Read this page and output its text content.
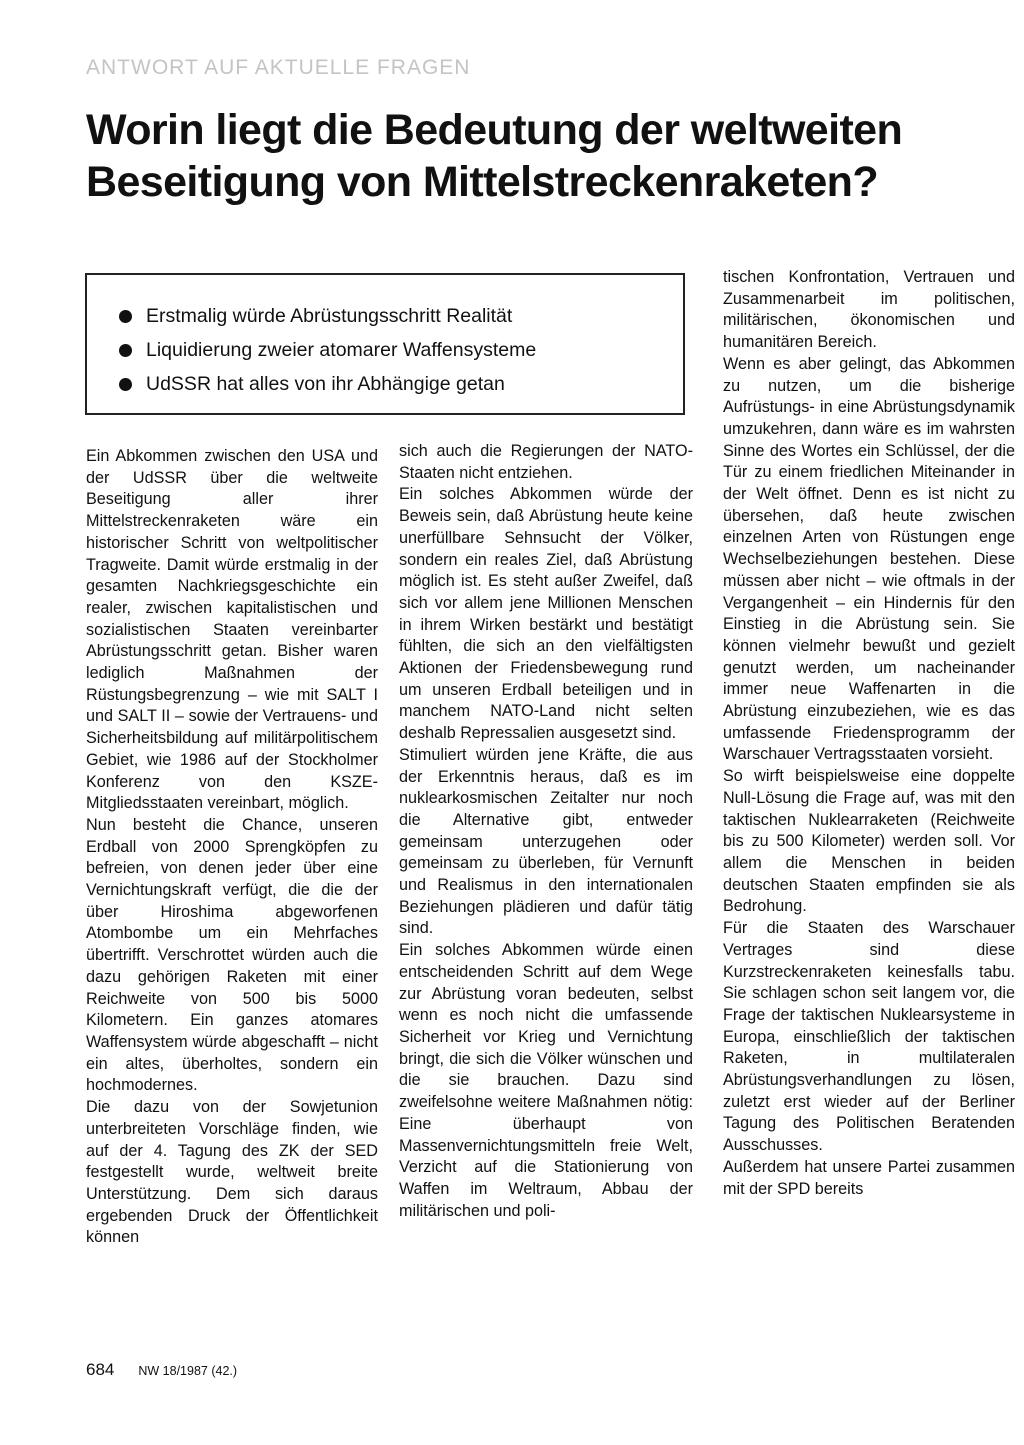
ANTWORT AUF AKTUELLE FRAGEN
Worin liegt die Bedeutung der weltweiten
Beseitigung von Mittelstreckenraketen?
Erstmalig würde Abrüstungsschritt Realität
Liquidierung zweier atomarer Waffensysteme
UdSSR hat alles von ihr Abhängige getan

Ein Abkommen zwischen den USA und der UdSSR über die weltweite Beseitigung aller ihrer Mittelstreckenraketen wäre ein historischer Schritt von weltpolitischer Tragweite. Damit würde erstmalig in der gesamten Nachkriegsgeschichte ein realer, zwischen kapitalistischen und sozialistischen Staaten vereinbarter Abrüstungsschritt getan. Bisher waren lediglich Maßnahmen der Rüstungsbegrenzung – wie mit SALT I und SALT II – sowie der Vertrauens- und Sicherheitsbildung auf militärpolitischem Gebiet, wie 1986 auf der Stockholmer Konferenz von den KSZE-Mitgliedsstaaten vereinbart, möglich.

Nun besteht die Chance, unseren Erdball von 2000 Sprengköpfen zu befreien, von denen jeder über eine Vernichtungskraft verfügt, die die der über Hiroshima abgeworfenen Atombombe um ein Mehrfaches übertrifft. Verschrottet würden auch die dazu gehörigen Raketen mit einer Reichweite von 500 bis 5000 Kilometern. Ein ganzes atomares Waffensystem würde abgeschafft – nicht ein altes, überholtes, sondern ein hochmodernes.

Die dazu von der Sowjetunion unterbreiteten Vorschläge finden, wie auf der 4. Tagung des ZK der SED festgestellt wurde, weltweit breite Unterstützung. Dem sich daraus ergebenden Druck der Öffentlichkeit können

sich auch die Regierungen der NATO-Staaten nicht entziehen.

Ein solches Abkommen würde der Beweis sein, daß Abrüstung heute keine unerfüllbare Sehnsucht der Völker, sondern ein reales Ziel, daß Abrüstung möglich ist. Es steht außer Zweifel, daß sich vor allem jene Millionen Menschen in ihrem Wirken bestärkt und bestätigt fühlten, die sich an den vielfältigsten Aktionen der Friedensbewegung rund um unseren Erdball beteiligen und in manchem NATO-Land nicht selten deshalb Repressalien ausgesetzt sind.

Stimuliert würden jene Kräfte, die aus der Erkenntnis heraus, daß es im nuklearkosmischen Zeitalter nur noch die Alternative gibt, entweder gemeinsam unterzugehen oder gemeinsam zu überleben, für Vernunft und Realismus in den internationalen Beziehungen plädieren und dafür tätig sind.

Ein solches Abkommen würde einen entscheidenden Schritt auf dem Wege zur Abrüstung voran bedeuten, selbst wenn es noch nicht die umfassende Sicherheit vor Krieg und Vernichtung bringt, die sich die Völker wünschen und die sie brauchen. Dazu sind zweifelsohne weitere Maßnahmen nötig: Eine überhaupt von Massenvernichtungsmitteln freie Welt, Verzicht auf die Stationierung von Waffen im Weltraum, Abbau der militärischen und poli-

tischen Konfrontation, Vertrauen und Zusammenarbeit im politischen, militärischen, ökonomischen und humanitären Bereich.

Wenn es aber gelingt, das Abkommen zu nutzen, um die bisherige Aufrüstungs- in eine Abrüstungsdynamik umzukehren, dann wäre es im wahrsten Sinne des Wortes ein Schlüssel, der die Tür zu einem friedlichen Miteinander in der Welt öffnet. Denn es ist nicht zu übersehen, daß heute zwischen einzelnen Arten von Rüstungen enge Wechselbeziehungen bestehen. Diese müssen aber nicht – wie oftmals in der Vergangenheit – ein Hindernis für den Einstieg in die Abrüstung sein. Sie können vielmehr bewußt und gezielt genutzt werden, um nacheinander immer neue Waffenarten in die Abrüstung einzubeziehen, wie es das umfassende Friedensprogramm der Warschauer Vertragsstaaten vorsieht.

So wirft beispielsweise eine doppelte Null-Lösung die Frage auf, was mit den taktischen Nuklearraketen (Reichweite bis zu 500 Kilometer) werden soll. Vor allem die Menschen in beiden deutschen Staaten empfinden sie als Bedrohung.

Für die Staaten des Warschauer Vertrages sind diese Kurzstreckenraketen keinesfalls tabu. Sie schlagen schon seit langem vor, die Frage der taktischen Nuklearsysteme in Europa, einschließlich der taktischen Raketen, in multilateralen Abrüstungsverhandlungen zu lösen, zuletzt erst wieder auf der Berliner Tagung des Politischen Beratenden Ausschusses.

Außerdem hat unsere Partei zusammen mit der SPD bereits

684 NW 18/1987 (42.)
